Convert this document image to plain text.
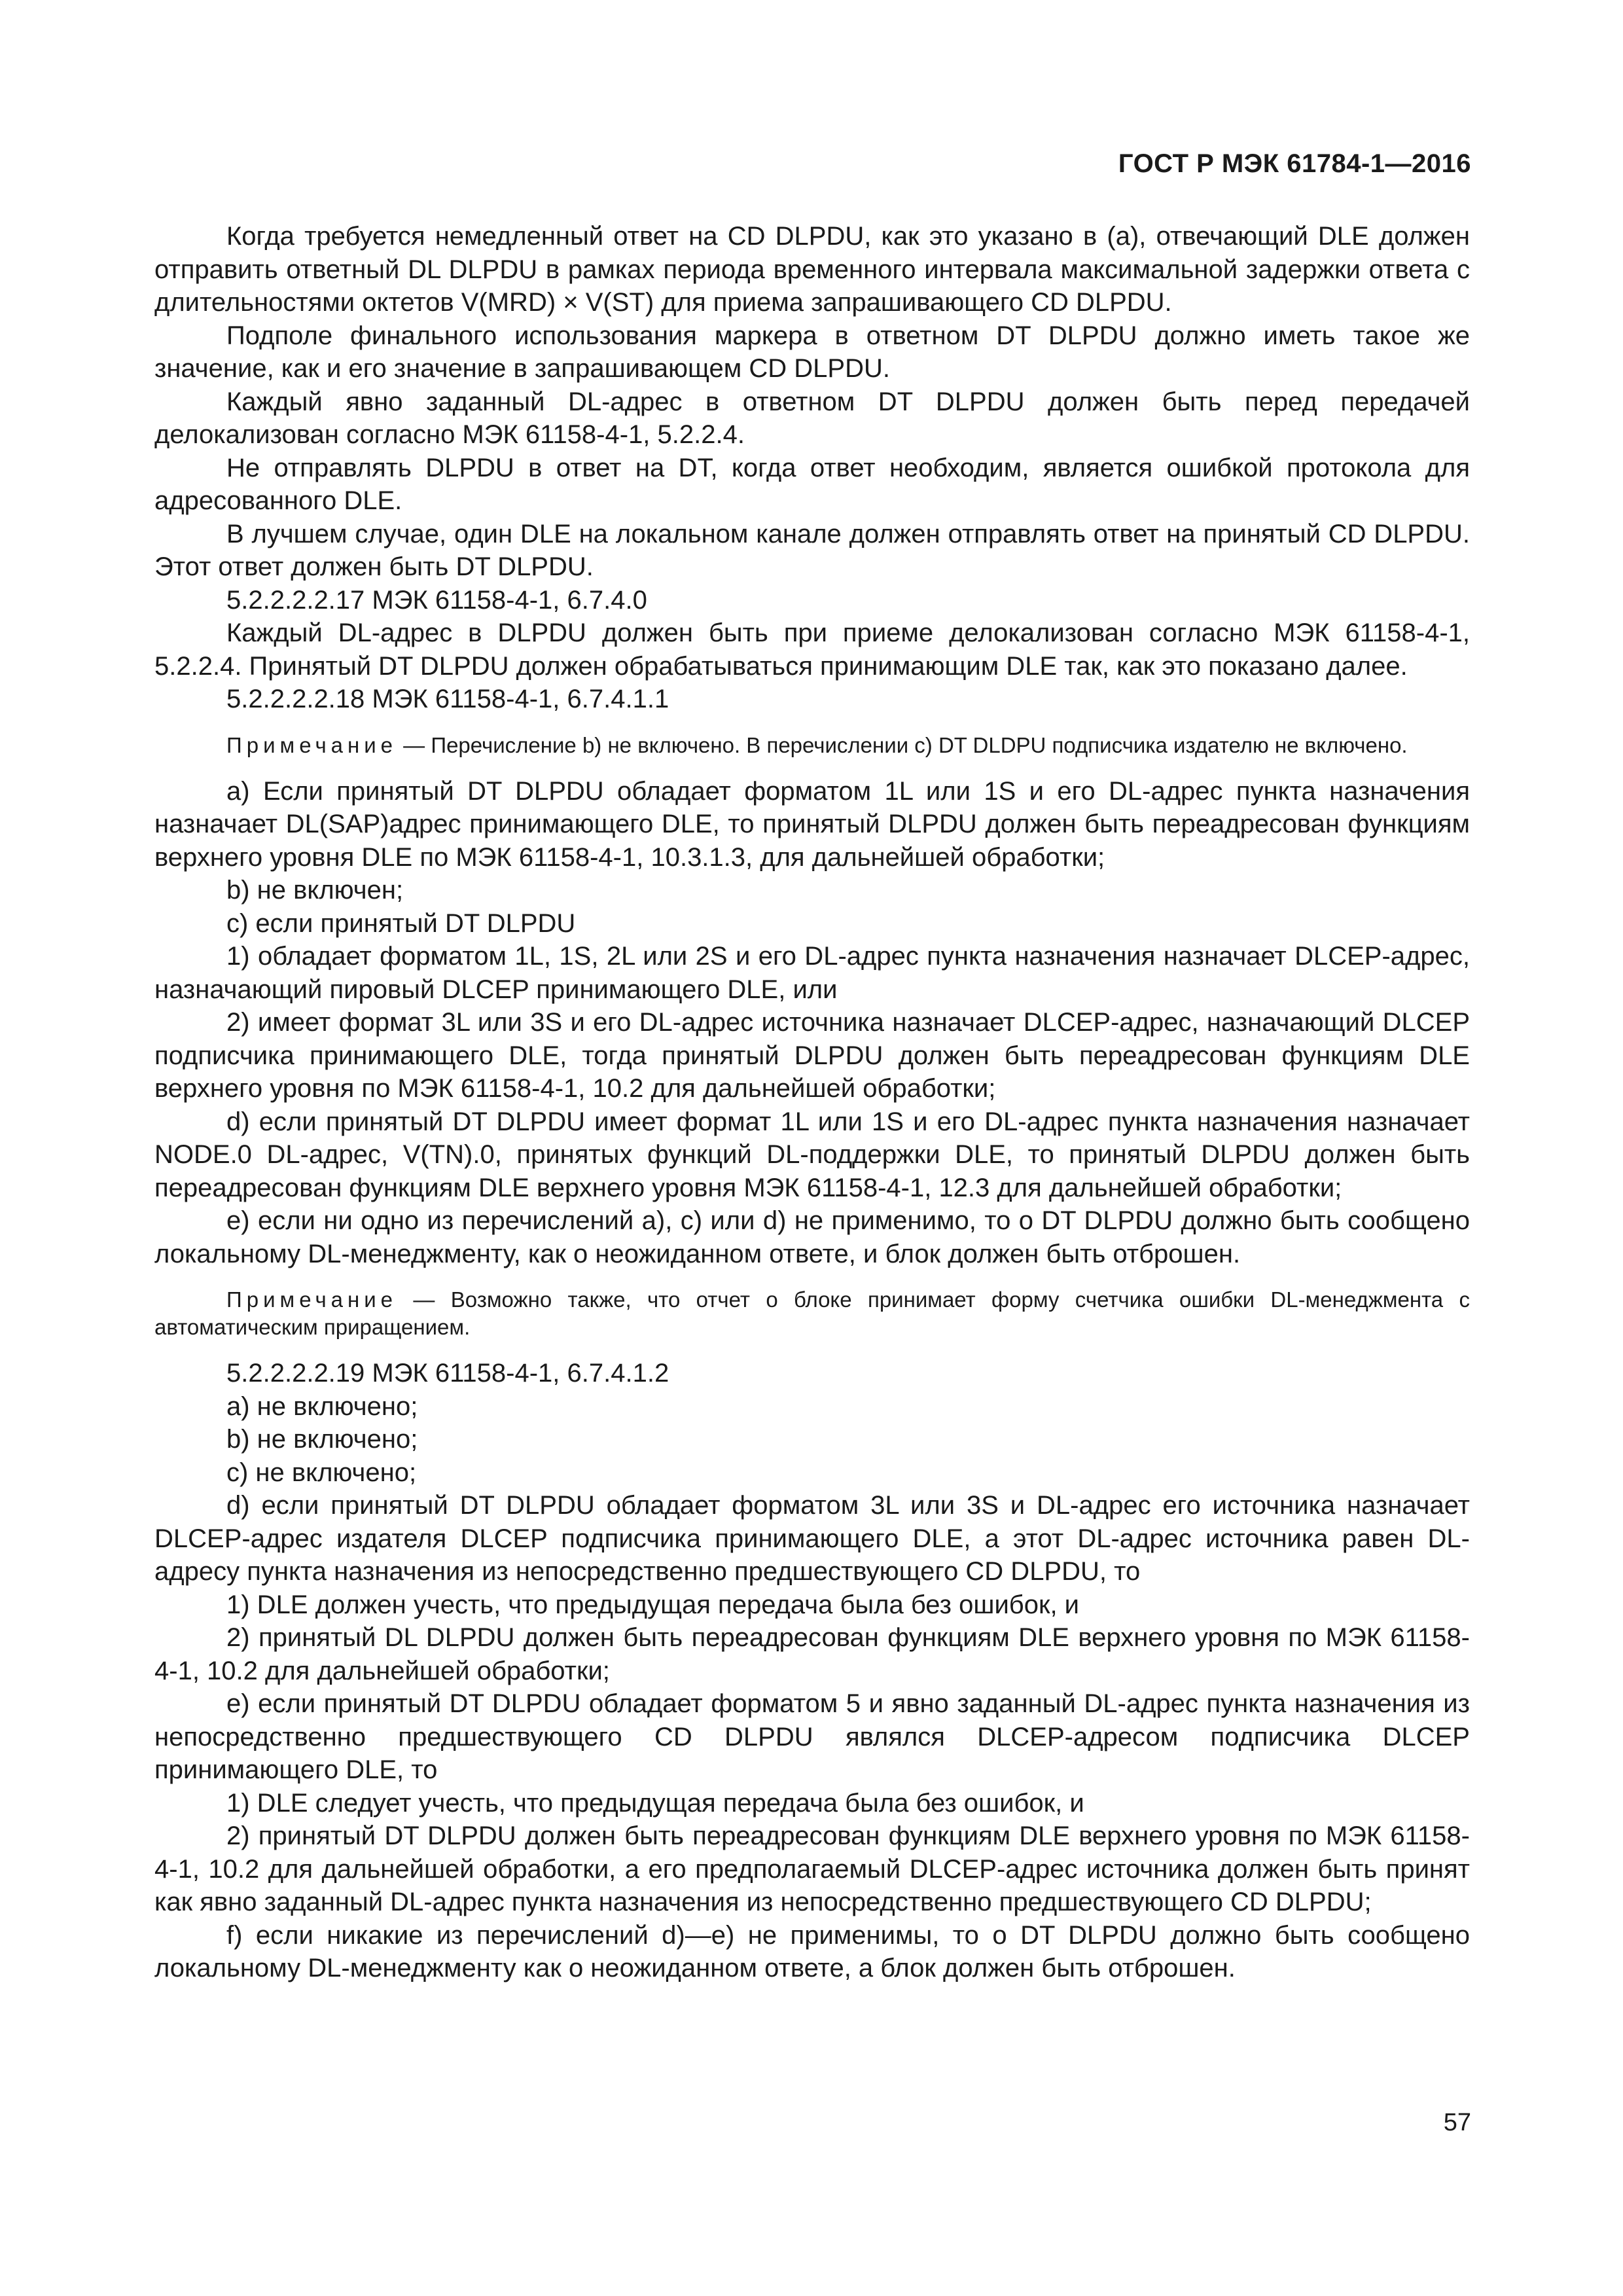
ГОСТ Р МЭК 61784-1—2016

Когда требуется немедленный ответ на CD DLPDU, как это указано в (а), отвечающий DLE должен отправить ответный DL DLPDU в рамках периода временного интервала максимальной задержки ответа с длительностями октетов V(MRD) × V(ST) для приема запрашивающего CD DLPDU.

Подполе финального использования маркера в ответном DT DLPDU должно иметь такое же значение, как и его значение в запрашивающем CD DLPDU.

Каждый явно заданный DL-адрес в ответном DT DLPDU должен быть перед передачей делокализован согласно МЭК 61158-4-1, 5.2.2.4.

Не отправлять DLPDU в ответ на DT, когда ответ необходим, является ошибкой протокола для адресованного DLE.

В лучшем случае, один DLE на локальном канале должен отправлять ответ на принятый CD DLPDU. Этот ответ должен быть DT DLPDU.

5.2.2.2.2.17 МЭК 61158-4-1, 6.7.4.0

Каждый DL-адрес в DLPDU должен быть при приеме делокализован согласно МЭК 61158-4-1, 5.2.2.4. Принятый DT DLPDU должен обрабатываться принимающим DLE так, как это показано далее.

5.2.2.2.2.18 МЭК 61158-4-1, 6.7.4.1.1

Примечание — Перечисление b) не включено. В перечислении c) DT DLDPU подписчика издателю не включено.

а) Если принятый DT DLPDU обладает форматом 1L или 1S и его DL-адрес пункта назначения назначает DL(SAP)адрес принимающего DLE, то принятый DLPDU должен быть переадресован функциям верхнего уровня DLE по МЭК 61158-4-1, 10.3.1.3, для дальнейшей обработки;

b) не включен;

c) если принятый DT DLPDU

1) обладает форматом 1L, 1S, 2L или 2S и его DL-адрес пункта назначения назначает DLCEP-адрес, назначающий пировый DLCEP принимающего DLE, или

2) имеет формат 3L или 3S и его DL-адрес источника назначает DLCEP-адрес, назначающий DLCEP подписчика принимающего DLE, тогда принятый DLPDU должен быть переадресован функциям DLE верхнего уровня по МЭК 61158-4-1, 10.2 для дальнейшей обработки;

d) если принятый DT DLPDU имеет формат 1L или 1S и его DL-адрес пункта назначения назначает NODE.0 DL-адрес, V(TN).0, принятых функций DL-поддержки DLE, то принятый DLPDU должен быть переадресован функциям DLE верхнего уровня МЭК 61158-4-1, 12.3 для дальнейшей обработки;

e) если ни одно из перечислений а), с) или d) не применимо, то о DT DLPDU должно быть сообщено локальному DL-менеджменту, как о неожиданном ответе, и блок должен быть отброшен.

Примечание — Возможно также, что отчет о блоке принимает форму счетчика ошибки DL-менеджмента с автоматическим приращением.

5.2.2.2.2.19 МЭК 61158-4-1, 6.7.4.1.2

a) не включено;

b) не включено;

c) не включено;

d) если принятый DT DLPDU обладает форматом 3L или 3S и DL-адрес его источника назначает DLCEP-адрес издателя DLCEP подписчика принимающего DLE, а этот DL-адрес источника равен DL-адресу пункта назначения из непосредственно предшествующего CD DLPDU, то

1) DLE должен учесть, что предыдущая передача была без ошибок, и

2) принятый DL DLPDU должен быть переадресован функциям DLE верхнего уровня по МЭК 61158-4-1, 10.2 для дальнейшей обработки;

e) если принятый DT DLPDU обладает форматом 5 и явно заданный DL-адрес пункта назначения из непосредственно предшествующего CD DLPDU являлся DLCEP-адресом подписчика DLCEP принимающего DLE, то

1) DLE следует учесть, что предыдущая передача была без ошибок, и

2) принятый DT DLPDU должен быть переадресован функциям DLE верхнего уровня по МЭК 61158-4-1, 10.2 для дальнейшей обработки, а его предполагаемый DLCEP-адрес источника должен быть принят как явно заданный DL-адрес пункта назначения из непосредственно предшествующего CD DLPDU;

f) если никакие из перечислений d)—e) не применимы, то о DT DLPDU должно быть сообщено локальному DL-менеджменту как о неожиданном ответе, а блок должен быть отброшен.

57
